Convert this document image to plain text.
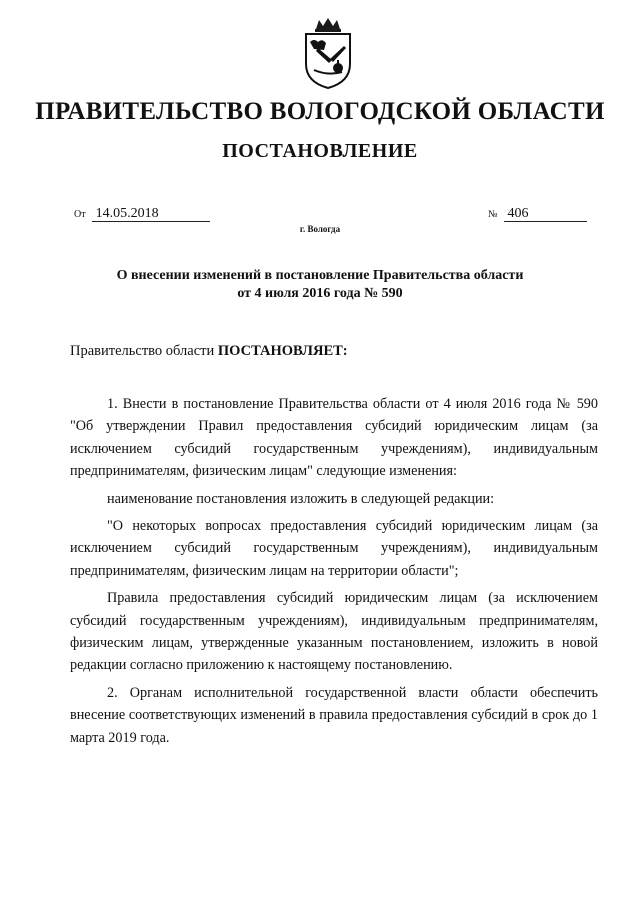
ПРАВИТЕЛЬСТВО ВОЛОГОДСКОЙ ОБЛАСТИ
ПОСТАНОВЛЕНИЕ
От 14.05.2018	№ 406
г. Вологда
О внесении изменений в постановление Правительства области
от 4 июля 2016 года № 590
Правительство области ПОСТАНОВЛЯЕТ:

1. Внести в постановление Правительства области от 4 июля 2016 года № 590 "Об утверждении Правил предоставления субсидий юридическим лицам (за исключением субсидий государственным учреждениям), индивидуальным предпринимателям, физическим лицам" следующие изменения:

наименование постановления изложить в следующей редакции:

"О некоторых вопросах предоставления субсидий юридическим лицам (за исключением субсидий государственным учреждениям), индивидуальным предпринимателям, физическим лицам на территории области";

Правила предоставления субсидий юридическим лицам (за исключением субсидий государственным учреждениям), индивидуальным предпринимателям, физическим лицам, утвержденные указанным постановлением, изложить в новой редакции согласно приложению к настоящему постановлению.

2. Органам исполнительной государственной власти области обеспечить внесение соответствующих изменений в правила предоставления субсидий в срок до 1 марта 2019 года.
